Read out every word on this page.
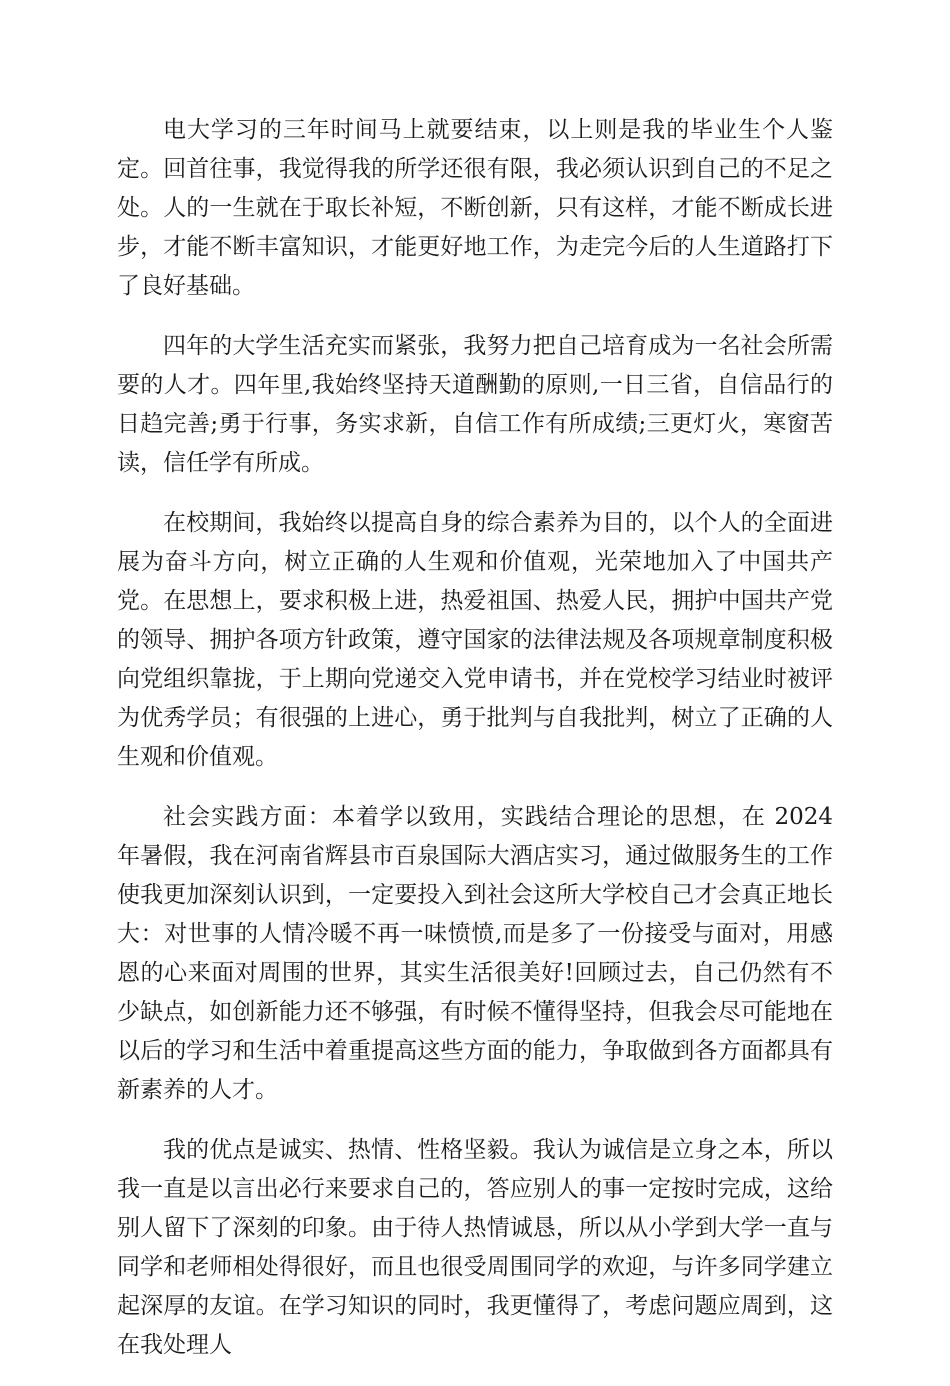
电大学习的三年时间马上就要结束，以上则是我的毕业生个人鉴定。回首往事，我觉得我的所学还很有限，我必须认识到自己的不足之处。人的一生就在于取长补短，不断创新，只有这样，才能不断成长进步，才能不断丰富知识，才能更好地工作，为走完今后的人生道路打下了良好基础。

四年的大学生活充实而紧张，我努力把自己培育成为一名社会所需要的人才。四年里,我始终坚持天道酬勤的原则,一日三省，自信品行的日趋完善;勇于行事，务实求新，自信工作有所成绩;三更灯火，寒窗苦读，信任学有所成。

在校期间，我始终以提高自身的综合素养为目的，以个人的全面进展为奋斗方向，树立正确的人生观和价值观，光荣地加入了中国共产党。在思想上，要求积极上进，热爱祖国、热爱人民，拥护中国共产党的领导、拥护各项方针政策，遵守国家的法律法规及各项规章制度积极向党组织靠拢，于上期向党递交入党申请书，并在党校学习结业时被评为优秀学员；有很强的上进心，勇于批判与自我批判，树立了正确的人生观和价值观。

社会实践方面：本着学以致用，实践结合理论的思想，在 2024 年暑假，我在河南省辉县市百泉国际大酒店实习，通过做服务生的工作使我更加深刻认识到，一定要投入到社会这所大学校自己才会真正地长大：对世事的人情冷暖不再一味愤愤,而是多了一份接受与面对，用感恩的心来面对周围的世界，其实生活很美好!回顾过去，自己仍然有不少缺点，如创新能力还不够强，有时候不懂得坚持，但我会尽可能地在以后的学习和生活中着重提高这些方面的能力，争取做到各方面都具有新素养的人才。

我的优点是诚实、热情、性格坚毅。我认为诚信是立身之本，所以我一直是以言出必行来要求自己的，答应别人的事一定按时完成，这给别人留下了深刻的印象。由于待人热情诚恳，所以从小学到大学一直与同学和老师相处得很好，而且也很受周围同学的欢迎，与许多同学建立起深厚的友谊。在学习知识的同时，我更懂得了，考虑问题应周到，这在我处理人
